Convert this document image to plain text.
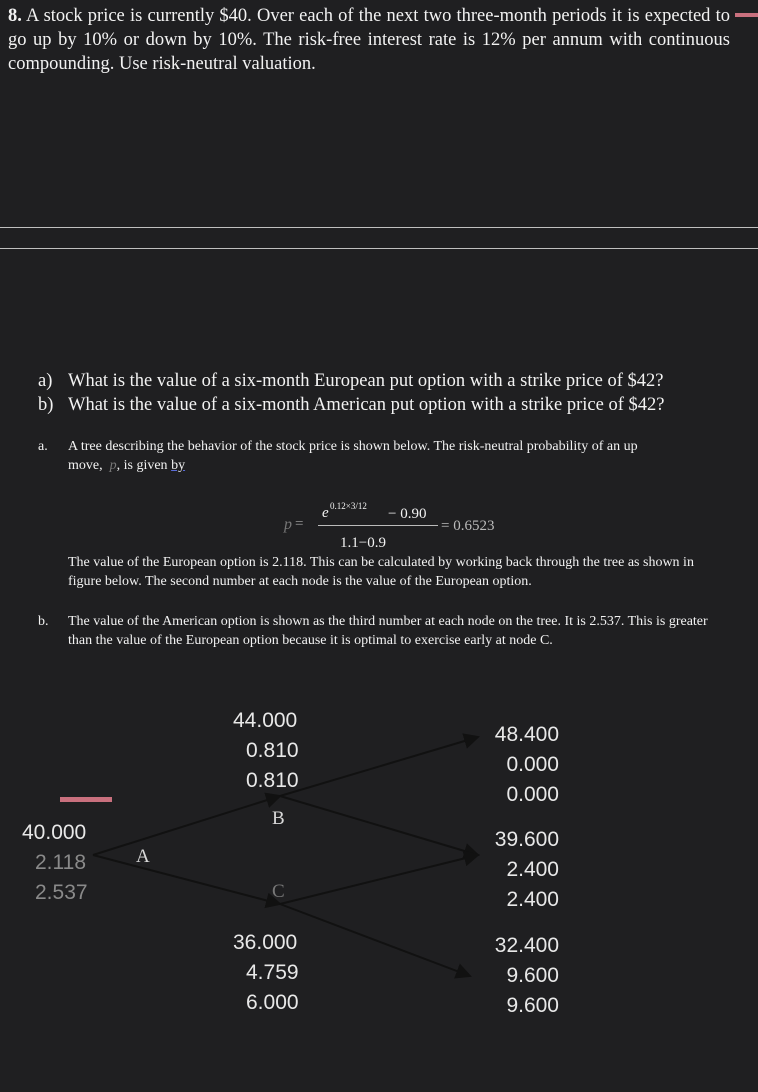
8. A stock price is currently $40. Over each of the next two three-month periods it is expected to go up by 10% or down by 10%. The risk-free interest rate is 12% per annum with continuous compounding. Use risk-neutral valuation.

a) What is the value of a six-month European put option with a strike price of $42?
b) What is the value of a six-month American put option with a strike price of $42?
a. A tree describing the behavior of the stock price is shown below. The risk-neutral probability of an up
move, p, is given by
p =
e 0.12×3/12 − 0.90
1.1−0.9
= 0.6523

The value of the European option is 2.118. This can be calculated by working back through the tree as shown in figure below. The second number at each node is the value of the European option.

b. The value of the American option is shown as the third number at each node on the tree. It is 2.537. This is greater than the value of the European option because it is optimal to exercise early at node C.
44.000
0.810
0.810
B
40.000
2.118
2.537
A
C
36.000
4.759
6.000
48.400
0.000
0.000
39.600
2.400
2.400
32.400
9.600
9.600
